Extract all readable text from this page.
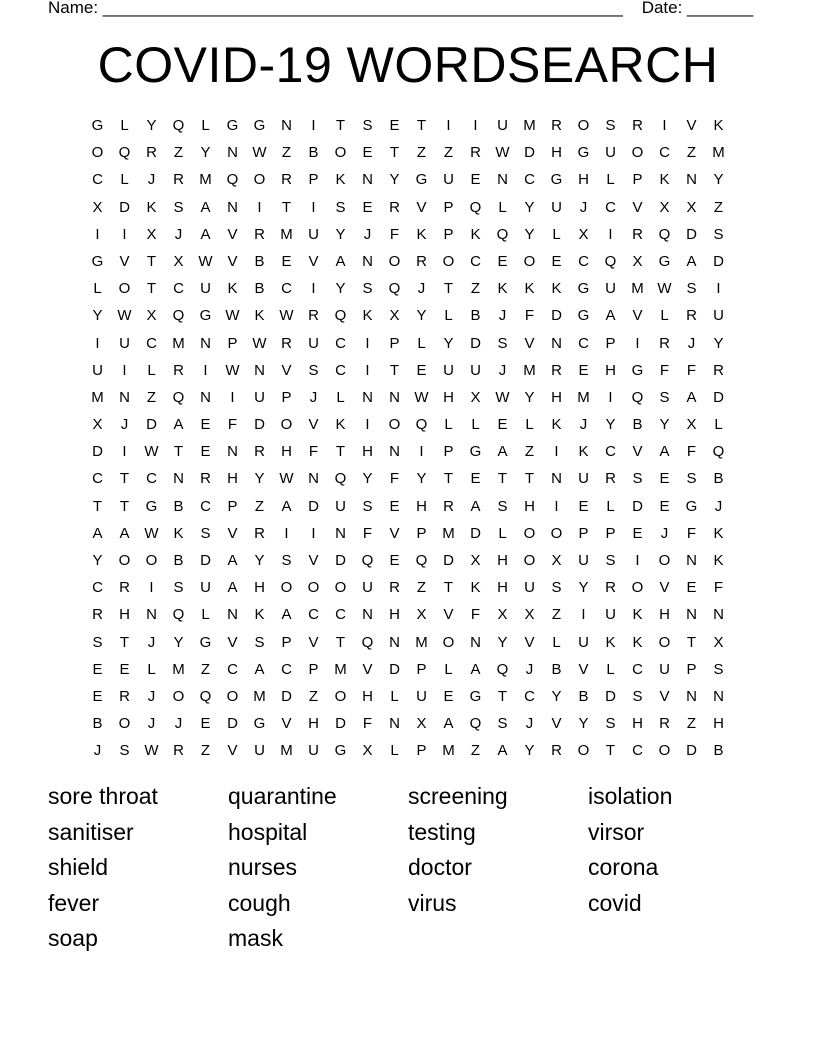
Name: _______________________________________________________    Date: _______
COVID-19 WORDSEARCH
G	L	Y	Q	L	G	G	N	I	T	S	E	T	I	I	U	M	R	O	S	R	I	V	K
O	Q	R	Z	Y	N W	Z	B	O	E	T	Z	Z	R W D	H	G	U	O	C	Z	M
C	L	J	R	M Q	O	R	P	K	N	Y	G	U	E	N	C	G	H	L	P	K	N	Y
X	D	K	S	A	N	I	T	I	S	E	R	V	P	Q	L	Y	U	J	C	V	X	X	Z
I	I	X	J	A	V	R	M	U	Y	J	F	K	P	K	Q	Y	L	X	I	R	Q	D	S
G	V	T	X W V	B	E	V	A	N	O	R	O	C	E	O	E	C	Q	X	G	A	D
L	O	T	C	U	K	B	C	I	Y	S	Q	J	T	Z	K	K	K	G	U	M W S	I
Y W X	Q	G W K W R	Q	K	X	Y	L	B	J	F	D	G	A	V	L	R	U
I	U	C	M	N	P W R	U	C	I	P	L	Y	D	S	V	N	C	P	I	R	J	Y
U	I	L	R	I	W N	V	S	C	I	T	E	U	U	J	M	R	E	H	G	F	F	R
M	N	Z	Q	N	I	U	P	J	L	N	N W H	X W Y	H	M	I	Q	S	A	D
X	J	D	A	E	F	D	O	V	K	I	O	Q	L	L	E	L	K	J	Y	B	Y	X	L
D	I	W	T	E	N	R	H	F	T	H	N	I	P	G	A	Z	I	K	C	V	A	F	Q
C	T	C	N	R	H	Y W N	Q	Y	F	Y	T	E	T	T	N	U	R	S	E	S	B
T	T	G	B	C	P	Z	A	D	U	S	E	H	R	A	S	H	I	E	L	D	E	G	J
A	A W K	S	V	R	I	I	N	F	V	P	M	D	L	O	O	P	P	E	J	F	K
Y	O	O	B	D	A	Y	S	V	D	Q	E	Q	D	X	H	O	X	U	S	I	O	N	K
C	R	I	S	U	A	H	O	O	O	U	R	Z	T	K	H	U	S	Y	R	O	V	E	F
R	H	N	Q	L	N	K	A	C	C	N	H	X	V	F	X	X	Z	I	U	K	H	N	N
S	T	J	Y	G	V	S	P	V	T	Q	N	M O	N	Y	V	L	U	K	K	O	T	X
E	E	L	M	Z	C	A	C	P	M	V	D	P	L	A	Q	J	B	V	L	C	U	P	S
E	R	J	O	Q	O M	D	Z	O	H	L	U	E	G	T	C	Y	B	D	S	V	N	N
B	O	J	J	E	D	G	V	H	D	F	N	X	A	Q	S	J	V	Y	S	H	R	Z	H
J	S W R	Z	V	U	M	U	G	X	L	P	M	Z	A	Y	R	O	T	C	O	D	B
sore throat	quarantine	screening	isolation
sanitiser	hospital	testing	virsor
shield	nurses	doctor	corona
fever	cough	virus	covid
soap	mask
